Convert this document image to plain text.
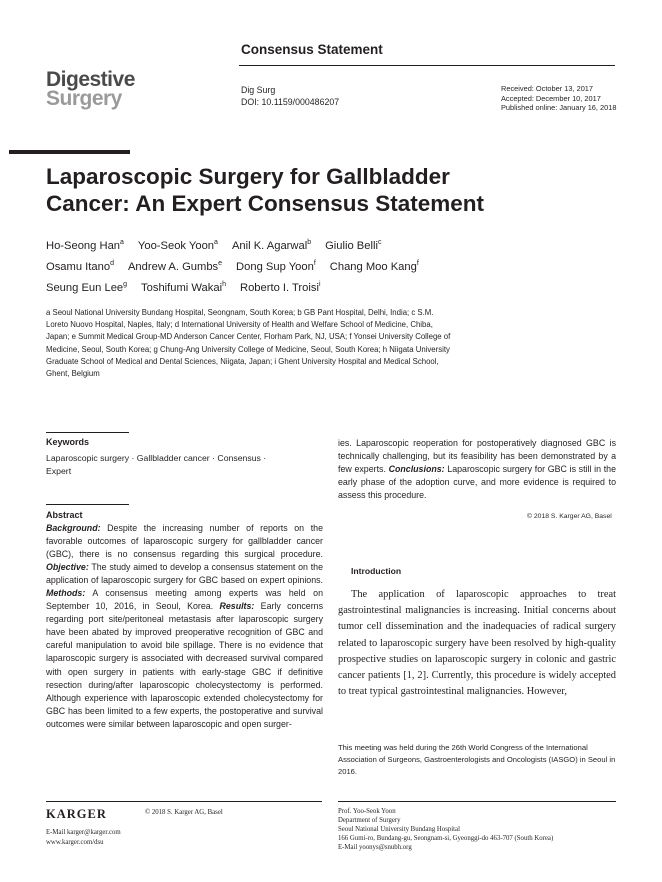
Consensus Statement
Digestive
Surgery	Dig Surg
DOI: 10.1159/000486207
Received: October 13, 2017
Accepted: December 10, 2017
Published online: January 16, 2018
Laparoscopic Surgery for Gallbladder
Cancer: An Expert Consensus Statement
Ho-Seong Han$^a$ Yoo-Seok Yoon$^a$ Anil K. Agarwal$^b$ Giulio Belli$^c$
Osamu Itano$^d$ Andrew A. Gumbs$^e$ Dong Sup Yoon$^f$ Chang Moo Kang$^f$
Seung Eun Lee$^g$ Toshifumi Wakai$^h$ Roberto I. Troisi$^i$
a Seoul National University Bundang Hospital, Seongnam, South Korea; b GB Pant Hospital, Delhi, India; c S.M.
Loreto Nuovo Hospital, Naples, Italy; d International University of Health and Welfare School of Medicine, Chiba,
Japan; e Summit Medical Group-MD Anderson Cancer Center, Florham Park, NJ, USA; f Yonsei University College of
Medicine, Seoul, South Korea; g Chung-Ang University College of Medicine, Seoul, South Korea; h Niigata University
Graduate School of Medical and Dental Sciences, Niigata, Japan; i Ghent University Hospital and Medical School,
Ghent, Belgium
Keywords
Laparoscopic surgery · Gallbladder cancer · Consensus ·
Expert
Abstract
Background: Despite the increasing number of reports on the favorable outcomes of laparoscopic surgery for gallbladder cancer (GBC), there is no consensus regarding this surgical procedure. Objective: The study aimed to develop a consensus statement on the application of laparoscopic surgery for GBC based on expert opinions. Methods: A consensus meeting among experts was held on September 10, 2016, in Seoul, Korea. Results: Early concerns regarding port site/peritoneal metastasis after laparoscopic surgery have been abated by improved preoperative recognition of GBC and careful manipulation to avoid bile spillage. There is no evidence that laparoscopic surgery is associated with decreased survival compared with open surgery in patients with early-stage GBC if definitive resection during/after laparoscopic cholecystectomy is performed. Although experience with laparoscopic extended cholecystectomy for GBC has been limited to a few experts, the postoperative and survival outcomes were similar between laparoscopic and open surger-
ies. Laparoscopic reoperation for postoperatively diagnosed GBC is technically challenging, but its feasibility has been demonstrated by a few experts. Conclusions: Laparoscopic surgery for GBC is still in the early phase of the adoption curve, and more evidence is required to assess this procedure.
© 2018 S. Karger AG, Basel
Introduction
The application of laparoscopic approaches to treat gastrointestinal malignancies is increasing. Initial concerns about tumor cell dissemination and the inadequacies of radical surgery related to laparoscopic surgery have been resolved by high-quality prospective studies on laparoscopic surgery in colonic and gastric cancer patients [1, 2]. Currently, this procedure is widely accepted to treat typical gastrointestinal malignancies. However,
This meeting was held during the 26th World Congress of the International Association of Surgeons, Gastroenterologists and Oncologists (IASGO) in Seoul in 2016.
KARGER	© 2018 S. Karger AG, Basel
E-Mail karger@karger.com
www.karger.com/dsu
Prof. Yoo-Seok Yoon
Department of Surgery
Seoul National University Bundang Hospital
166 Gumi-ro, Bundang-gu, Seongnam-si, Gyeonggi-do 463-707 (South Korea)
E-Mail yoonys@snubh.org
